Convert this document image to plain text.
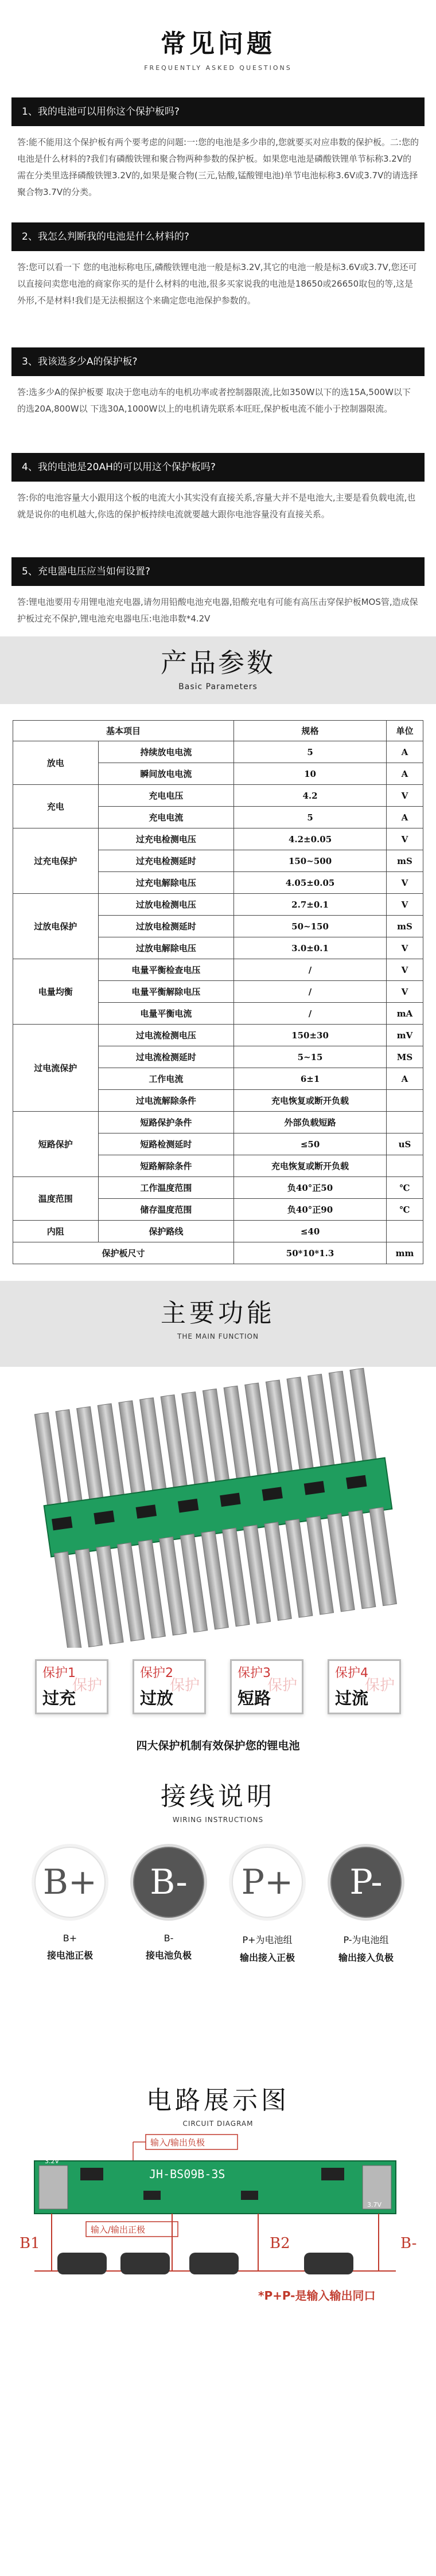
常见问题
FREQUENTLY ASKED QUESTIONS
1、我的电池可以用你这个保护板吗?
答:能不能用这个保护板有两个要考虑的问题:一:您的电池是多少串的,您就要买对应串数的保护板。二:您的电池是什么材料的?我们有磷酸铁锂和聚合物两种参数的保护板。如果您电池是磷酸铁锂单节标称3.2V的需在分类里选择磷酸铁锂3.2V的,如果是聚合物(三元,钴酸,锰酸锂电池)单节电池标称3.6V或3.7V的请选择聚合物3.7V的分类。
2、我怎么判断我的电池是什么材料的?
答:您可以看一下 您的电池标称电压,磷酸铁锂电池一般是标3.2V,其它的电池一般是标3.6V或3.7V,您还可以直接问卖您电池的商家你买的是什么材料的电池,很多买家说我的电池是18650或26650取包的等,这是外形,不是材料!我们是无法根据这个来确定您电池保护参数的。
3、我该选多少A的保护板?
答:选多少A的保护板要 取决于您电动车的电机功率或者控制器限流,比如350W以下的选15A,500W以下的选20A,800W以 下选30A,1000W以上的电机请先联系本旺旺,保护板电流不能小于控制器限流。
4、我的电池是20AH的可以用这个保护板吗?
答:你的电池容量大小跟用这个板的电流大小其实没有直接关系,容量大并不是电池大,主要是看负载电流,也就是说你的电机越大,你选的保护板持续电流就要越大跟你电池容量没有直接关系。
5、充电器电压应当如何设置?
答:锂电池要用专用锂电池充电器,请勿用铅酸电池充电器,铅酸充电有可能有高压击穿保护板MOS管,造成保护板过充不保护,锂电池充电器电压:电池串数*4.2V
产品参数
Basic Parameters
基本项目		规格	单位
放电	持续放电电流	5	A
	瞬间放电电流	10	A
充电	充电电压	4.2	V
	充电电流	5	A
过充电保护	过充电检测电压	4.2±0.05	V
	过充电检测延时	150~500	mS
	过充电解除电压	4.05±0.05	V
过放电保护	过放电检测电压	2.7±0.1	V
	过放电检测延时	50~150	mS
	过放电解除电压	3.0±0.1	V
电量均衡	电量平衡检查电压	/	V
	电量平衡解除电压	/	V
	电量平衡电流	/	mA
过电流保护	过电流检测电压	150±30	mV
	过电流检测延时	5~15	MS
	工作电流	6±1	A
	过电流解除条件	充电恢复或断开负载	
短路保护	短路保护条件	外部负载短路	
	短路检测延时	≤50	uS
	短路解除条件	充电恢复或断开负载	
温度范围	工作温度范围	负40°正50	℃
	储存温度范围	负40°正90	℃
内阻	保护路线	≤40	
保护板尺寸		50*10*1.3	mm
主要功能
THE MAIN FUNCTION
保护
保护1
过充
保护
保护2
过放
保护
保护3
短路
保护
保护4
过流
四大保护机制有效保护您的锂电池
接线说明
WIRING INSTRUCTIONS
B+
B+
接电池正极
B-
B-
接电池负极
P+
P+为电池组
输出接入正极
P-
P-为电池组
输出接入负极
电路展示图
CIRCUIT DIAGRAM
输入/输出负极
JH-BS09B-3S
3.2V
3.7V
输入/输出正极
B1	B2	B-
*P+P-是输入输出同口
